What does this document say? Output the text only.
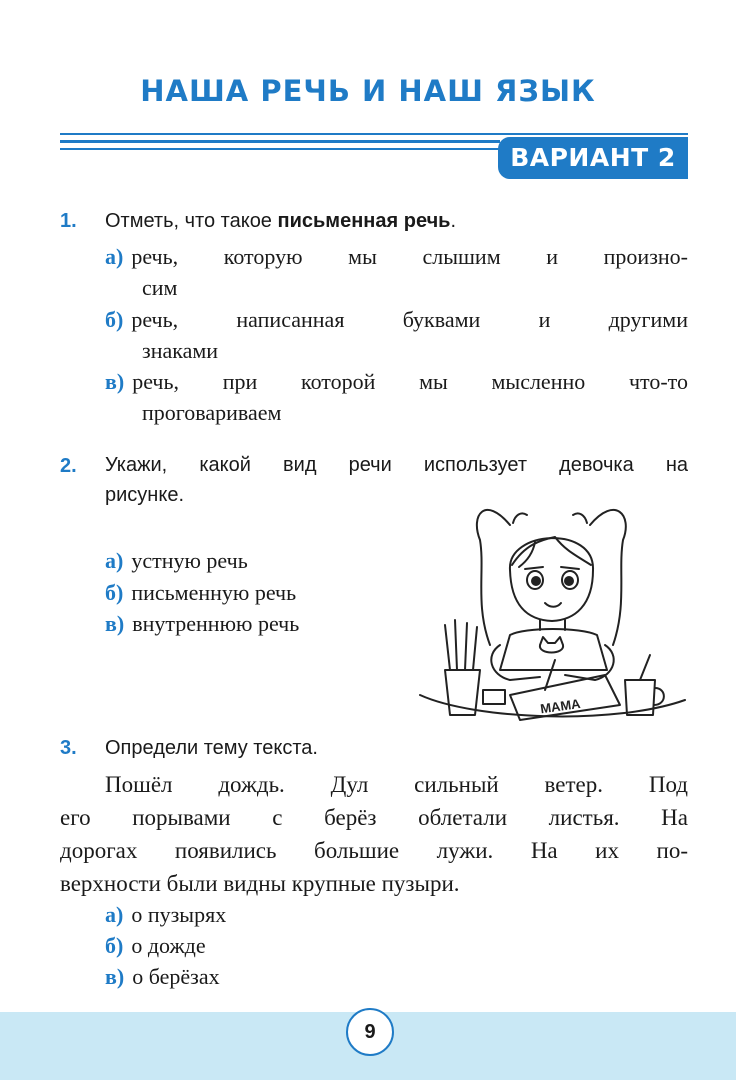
НАША РЕЧЬ И НАШ ЯЗЫК
ВАРИАНТ 2
1. Отметь, что такое письменная речь.
а) речь, которую мы слышим и произно-
сим
б) речь, написанная буквами и другими
знаками
в) речь, при которой мы мысленно что-то
проговариваем
2. Укажи, какой вид речи использует девочка на
рисунке.
а) устную речь
б) письменную речь
в) внутреннюю речь
МАМА
3. Определи тему текста.
Пошёл дождь. Дул сильный ветер. Под
его порывами с берёз облетали листья. На
дорогах появились большие лужи. На их по-
верхности были видны крупные пузыри.
а) о пузырях
б) о дожде
в) о берёзах
9
